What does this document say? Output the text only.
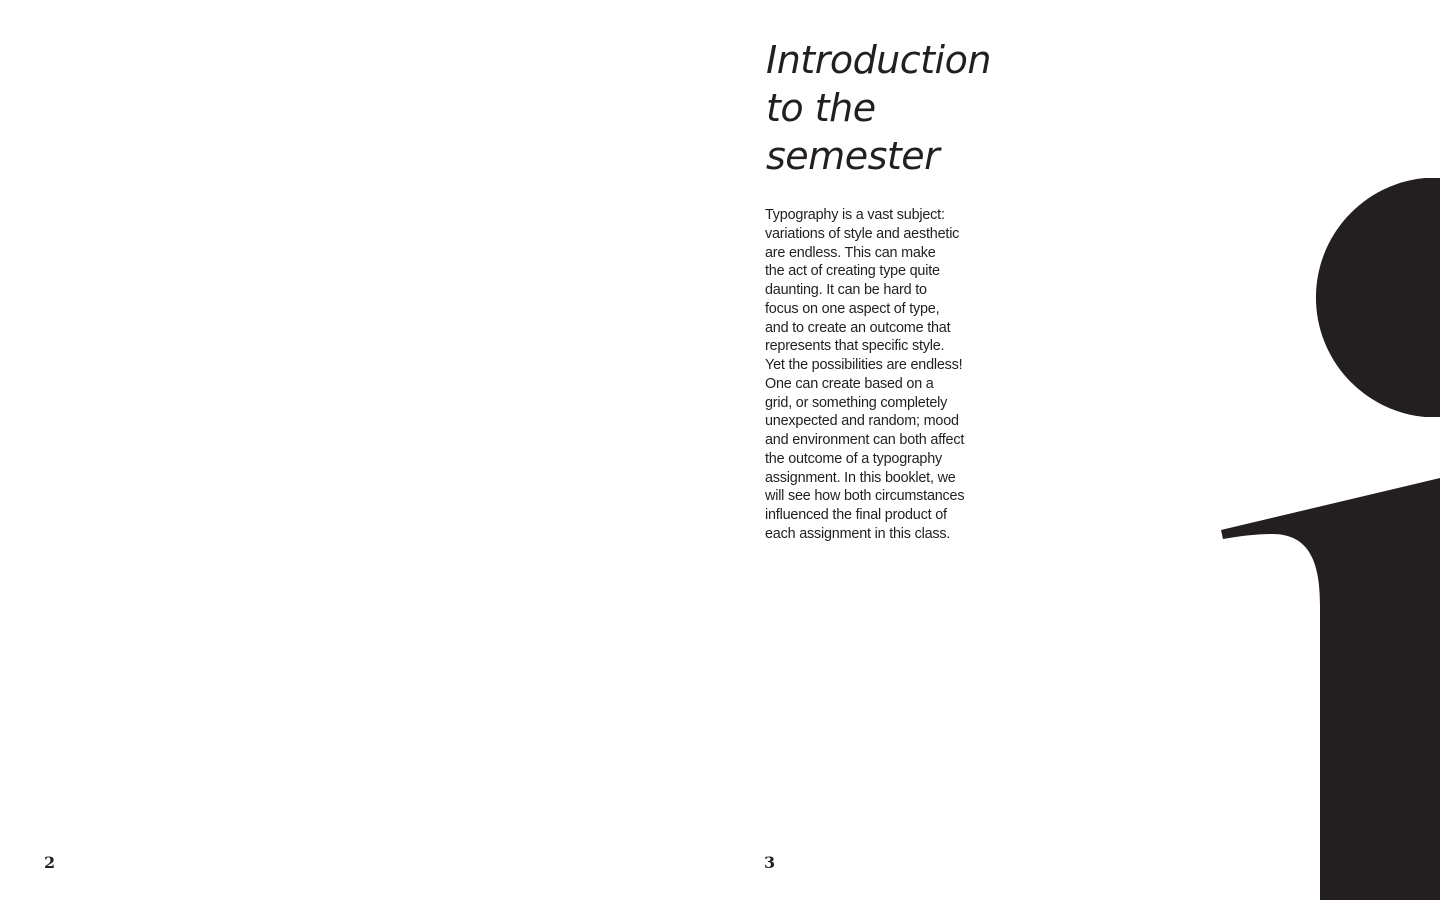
2
Introduction
to the
semester

Typography is a vast subject:
variations of style and aesthetic
are endless. This can make
the act of creating type quite
daunting. It can be hard to
focus on one aspect of type,
and to create an outcome that
represents that specific style.
Yet the possibilities are endless!
One can create based on a
grid, or something completely
unexpected and random; mood
and environment can both affect
the outcome of a typography
assignment. In this booklet, we
will see how both circumstances
influenced the final product of
each assignment in this class.

3
